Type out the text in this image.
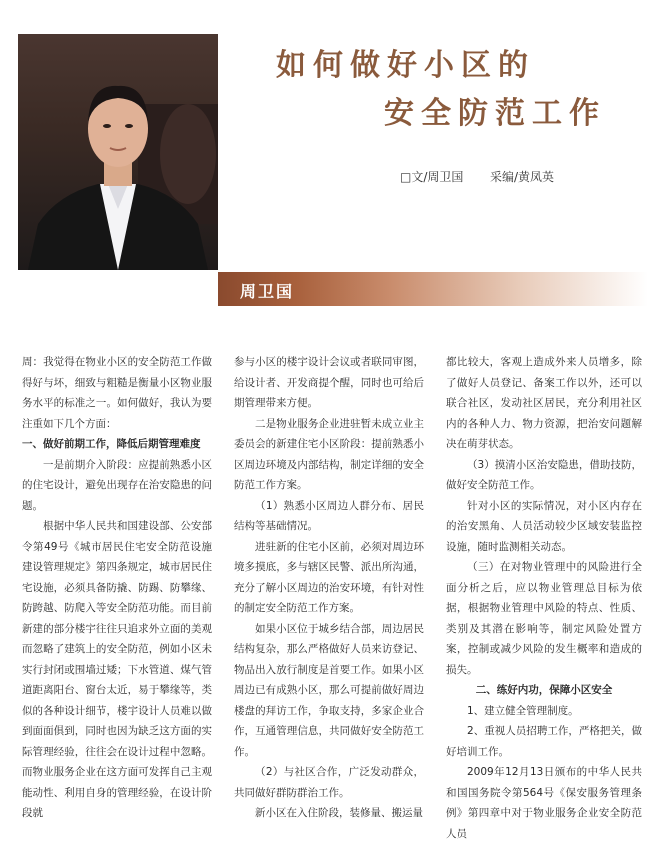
如何做好小区的
安全防范工作
□文/周卫国 采编/黄凤英
周卫国

周：我觉得在物业小区的安全防范工作做得好与坏，细致与粗糙是衡量小区物业服务水平的标准之一。如何做好，我认为要注重如下几个方面：

一、做好前期工作，降低后期管理难度

一是前期介入阶段：应提前熟悉小区的住宅设计，避免出现存在治安隐患的问题。

根据中华人民共和国建设部、公安部令第49号《城市居民住宅安全防范设施建设管理规定》第四条规定，城市居民住宅设施，必须具备防撬、防踢、防攀缘、防跨越、防爬入等安全防范功能。而目前新建的部分楼宇往往只追求外立面的美观而忽略了建筑上的安全防范，例如小区未实行封闭或围墙过矮；下水管道、煤气管道距离阳台、窗台太近，易于攀缘等，类似的各种设计细节，楼宇设计人员难以做到面面俱到，同时也因为缺乏这方面的实际管理经验，往往会在设计过程中忽略。而物业服务企业在这方面可发挥自己主观能动性、利用自身的管理经验，在设计阶段就

参与小区的楼宇设计会议或者联同审图，给设计者、开发商提个醒，同时也可给后期管理带来方便。

二是物业服务企业进驻暂未成立业主委员会的新建住宅小区阶段：提前熟悉小区周边环境及内部结构，制定详细的安全防范工作方案。

（1）熟悉小区周边人群分布、居民结构等基础情况。

进驻新的住宅小区前，必须对周边环境多摸底，多与辖区民警、派出所沟通，充分了解小区周边的治安环境，有针对性的制定安全防范工作方案。

如果小区位于城乡结合部，周边居民结构复杂，那么严格做好人员来访登记、物品出入放行制度是首要工作。如果小区周边已有成熟小区，那么可提前做好周边楼盘的拜访工作，争取支持，多家企业合作，互通管理信息，共同做好安全防范工作。

（2）与社区合作，广泛发动群众，共同做好群防群治工作。

新小区在入住阶段，装修量、搬运量

都比较大，客观上造成外来人员增多，除了做好人员登记、备案工作以外，还可以联合社区，发动社区居民，充分利用社区内的各种人力、物力资源，把治安问题解决在萌芽状态。

（3）摸清小区治安隐患，借助技防，做好安全防范工作。

针对小区的实际情况，对小区内存在的治安黑角、人员活动较少区域安装监控设施，随时监测相关动态。

（三）在对物业管理中的风险进行全面分析之后，应以物业管理总目标为依据，根据物业管理中风险的特点、性质、类别及其潜在影响等，制定风险处置方案，控制或减少风险的发生概率和造成的损失。

二、练好内功，保障小区安全

1、建立健全管理制度。

2、重视人员招聘工作，严格把关，做好培训工作。

2009年12月13日颁布的中华人民共和国国务院令第564号《保安服务管理条例》第四章中对于物业服务企业安全防范人员
